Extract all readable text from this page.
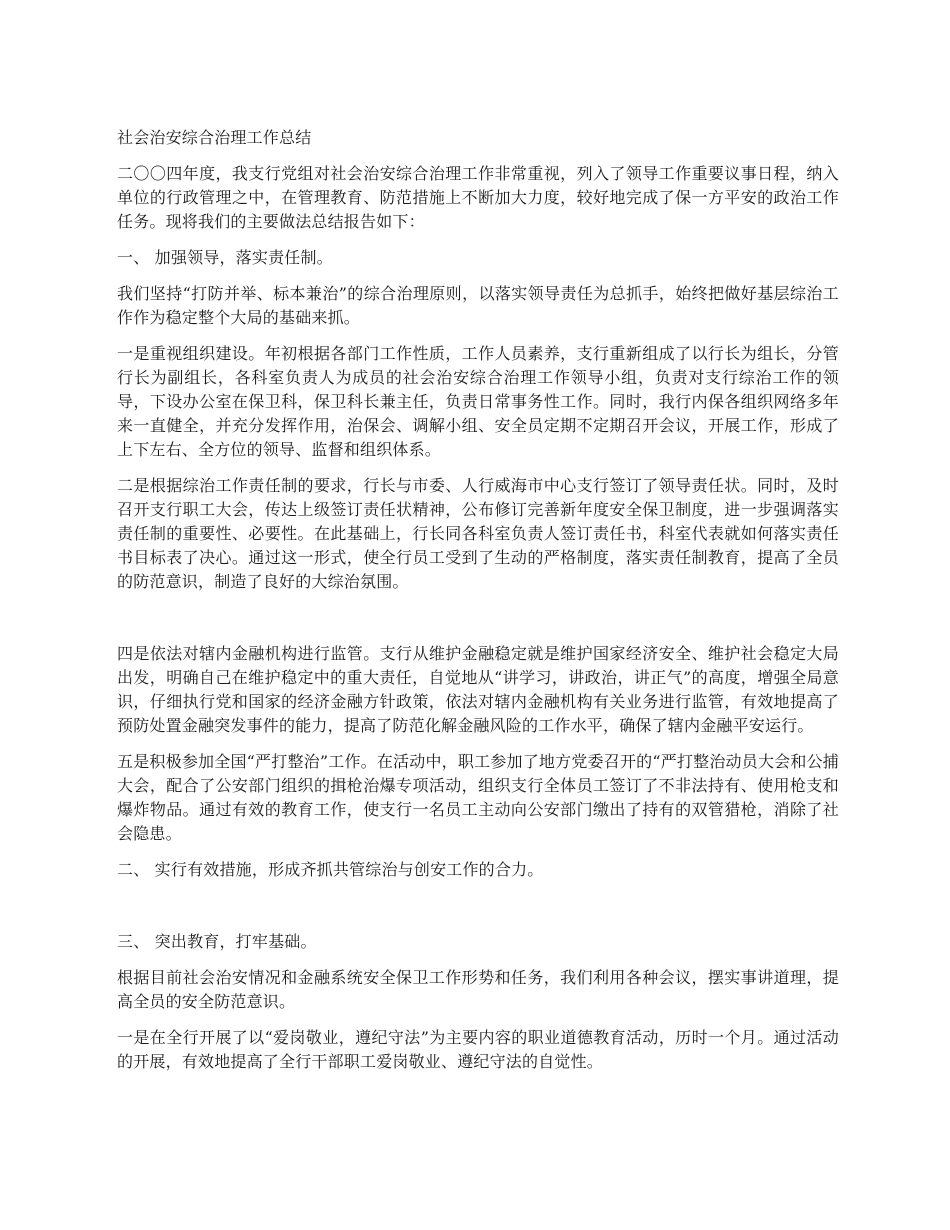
社会治安综合治理工作总结

二〇〇四年度，我支行党组对社会治安综合治理工作非常重视，列入了领导工作重要议事日程，纳入单位的行政管理之中，在管理教育、防范措施上不断加大力度，较好地完成了保一方平安的政治工作任务。现将我们的主要做法总结报告如下：

一、 加强领导，落实责任制。

我们坚持“打防并举、标本兼治”的综合治理原则，以落实领导责任为总抓手，始终把做好基层综治工作作为稳定整个大局的基础来抓。

一是重视组织建设。年初根据各部门工作性质，工作人员素养，支行重新组成了以行长为组长，分管行长为副组长，各科室负责人为成员的社会治安综合治理工作领导小组，负责对支行综治工作的领导，下设办公室在保卫科，保卫科长兼主任，负责日常事务性工作。同时，我行内保各组织网络多年来一直健全，并充分发挥作用，治保会、调解小组、安全员定期不定期召开会议，开展工作，形成了上下左右、全方位的领导、监督和组织体系。

二是根据综治工作责任制的要求，行长与市委、人行威海市中心支行签订了领导责任状。同时，及时召开支行职工大会，传达上级签订责任状精神，公布修订完善新年度安全保卫制度，进一步强调落实责任制的重要性、必要性。在此基础上，行长同各科室负责人签订责任书，科室代表就如何落实责任书目标表了决心。通过这一形式，使全行员工受到了生动的严格制度，落实责任制教育，提高了全员的防范意识，制造了良好的大综治氛围。

四是依法对辖内金融机构进行监管。支行从维护金融稳定就是维护国家经济安全、维护社会稳定大局出发，明确自己在维护稳定中的重大责任，自觉地从“讲学习，讲政治，讲正气”的高度，增强全局意识，仔细执行党和国家的经济金融方针政策，依法对辖内金融机构有关业务进行监管，有效地提高了预防处置金融突发事件的能力，提高了防范化解金融风险的工作水平，确保了辖内金融平安运行。

五是积极参加全国“严打整治”工作。在活动中，职工参加了地方党委召开的“严打整治动员大会和公捕大会，配合了公安部门组织的揖枪治爆专项活动，组织支行全体员工签订了不非法持有、使用枪支和爆炸物品。通过有效的教育工作，使支行一名员工主动向公安部门缴出了持有的双管猎枪，消除了社会隐患。

二、 实行有效措施，形成齐抓共管综治与创安工作的合力。

三、 突出教育，打牢基础。

根据目前社会治安情况和金融系统安全保卫工作形势和任务，我们利用各种会议，摆实事讲道理，提高全员的安全防范意识。

一是在全行开展了以“爱岗敬业，遵纪守法”为主要内容的职业道德教育活动，历时一个月。通过活动的开展，有效地提高了全行干部职工爱岗敬业、遵纪守法的自觉性。
